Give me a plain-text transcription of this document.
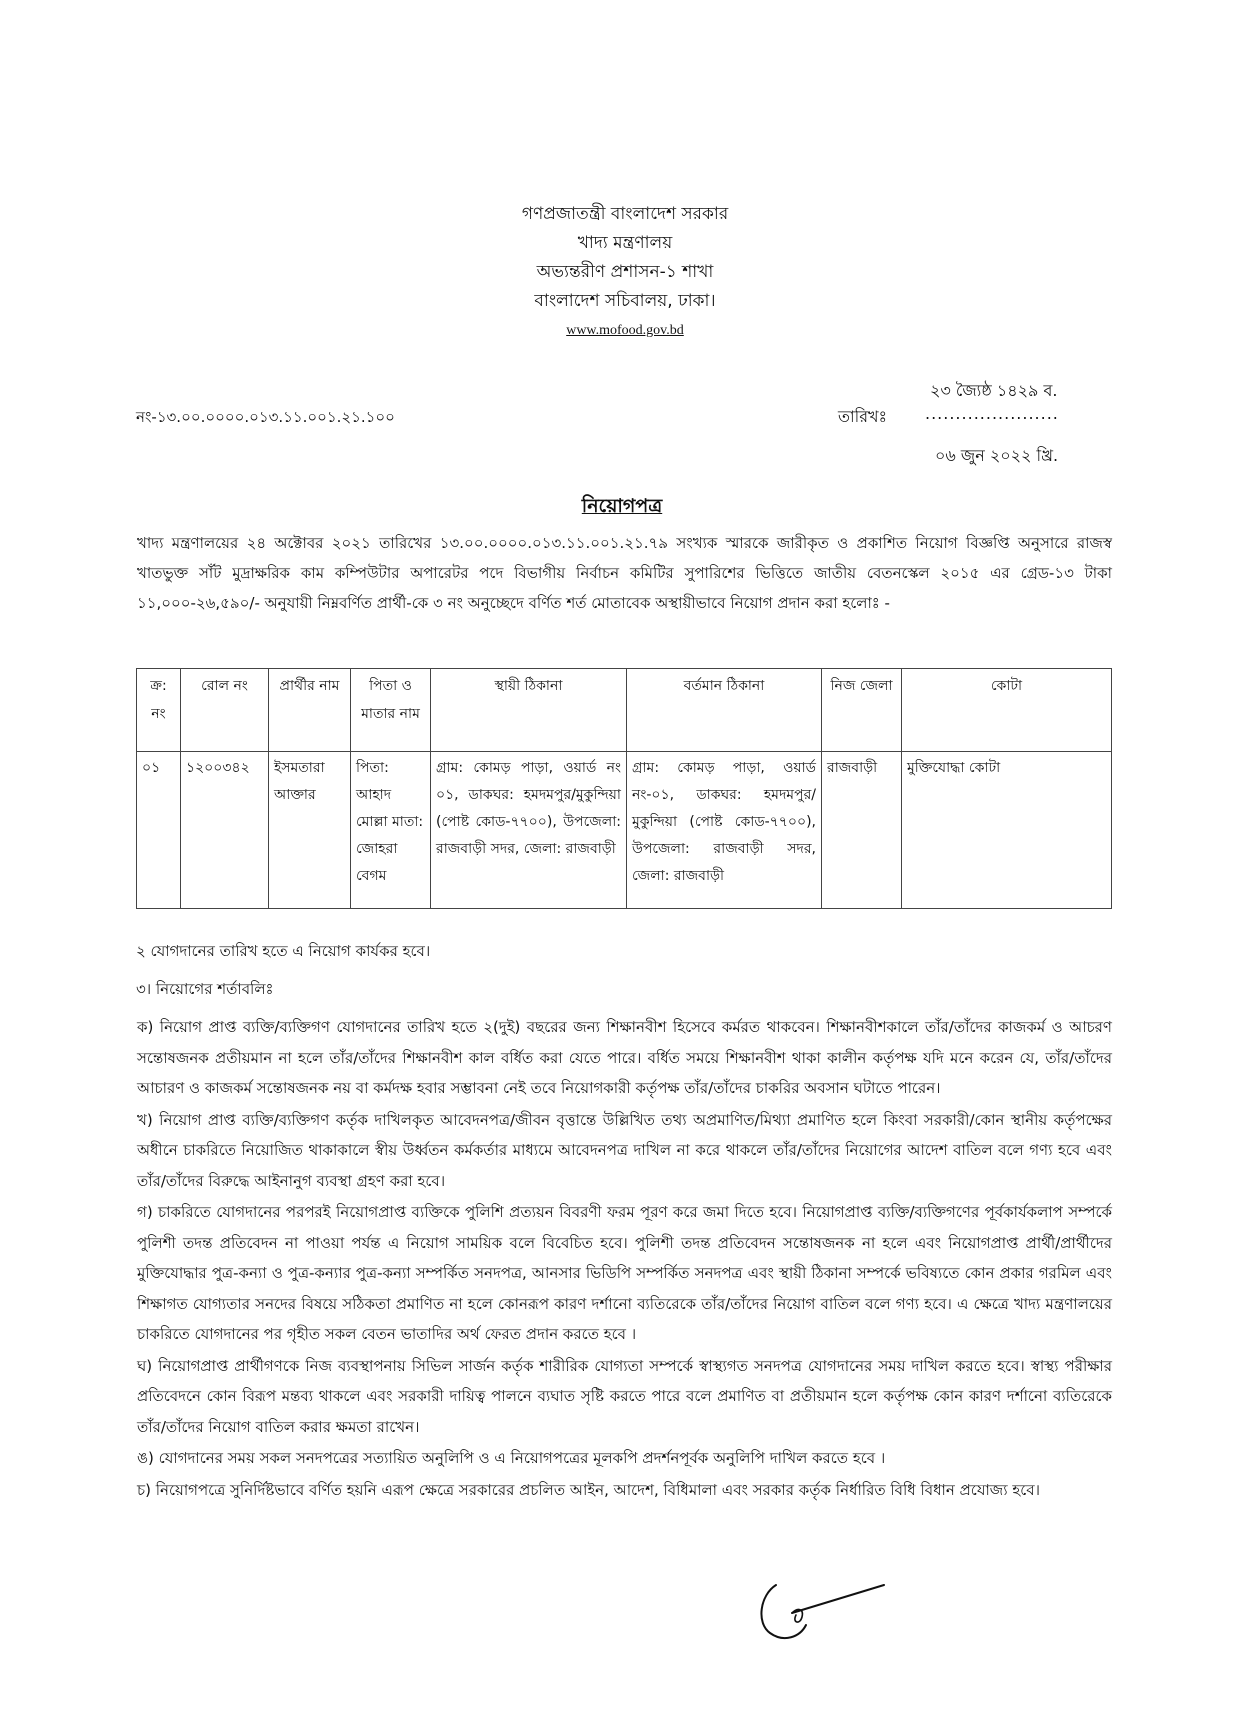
গণপ্রজাতন্ত্রী বাংলাদেশ সরকার
খাদ্য মন্ত্রণালয়
অভ্যন্তরীণ প্রশাসন-১ শাখা
বাংলাদেশ সচিবালয়, ঢাকা।
www.mofood.gov.bd
২৩ জ্যৈষ্ঠ ১৪২৯ ব.
নং-১৩.০০.০০০০.০১৩.১১.০০১.২১.১০০	তারিখঃ ......................
০৬ জুন ২০২২ খ্রি.
নিয়োগপত্র
খাদ্য মন্ত্রণালয়ের ২৪ অক্টোবর ২০২১ তারিখের ১৩.০০.০০০০.০১৩.১১.০০১.২১.৭৯ সংখ্যক স্মারকে জারীকৃত ও প্রকাশিত নিয়োগ বিজ্ঞপ্তি অনুসারে রাজস্ব খাতভুক্ত সাঁট মুদ্রাক্ষরিক কাম কম্পিউটার অপারেটর পদে বিভাগীয় নির্বাচন কমিটির সুপারিশের ভিত্তিতে জাতীয় বেতনস্কেল ২০১৫ এর গ্রেড-১৩ টাকা ১১,০০০-২৬,৫৯০/- অনুযায়ী নিম্নবর্ণিত প্রার্থী-কে ৩ নং অনুচ্ছেদে বর্ণিত শর্ত মোতাবেক অস্থায়ীভাবে নিয়োগ প্রদান করা হলোঃ -
ক্র: নং	রোল নং	প্রার্থীর নাম	পিতা ও মাতার নাম	স্থায়ী ঠিকানা	বর্তমান ঠিকানা	নিজ জেলা	কোটা
০১	১২০০৩৪২	ইসমতারা আক্তার	পিতা: আহাদ মোল্লা মাতা: জোহরা বেগম	গ্রাম: কোমড় পাড়া, ওয়ার্ড নং ০১, ডাকঘর: হমদমপুর/মুকুন্দিয়া (পোষ্ট কোড-৭৭০০), উপজেলা: রাজবাড়ী সদর, জেলা: রাজবাড়ী	গ্রাম: কোমড় পাড়া, ওয়ার্ড নং-০১, ডাকঘর: হমদমপুর/মুকুন্দিয়া (পোষ্ট কোড-৭৭০০), উপজেলা: রাজবাড়ী সদর, জেলা: রাজবাড়ী	রাজবাড়ী	মুক্তিযোদ্ধা কোটা
২ যোগদানের তারিখ হতে এ নিয়োগ কার্যকর হবে।
৩। নিয়োগের শর্তাবলিঃ

ক) নিয়োগ প্রাপ্ত ব্যক্তি/ব্যক্তিগণ যোগদানের তারিখ হতে ২(দুই) বছরের জন্য শিক্ষানবীশ হিসেবে কর্মরত থাকবেন। শিক্ষানবীশকালে তাঁর/তাঁদের কাজকর্ম ও আচরণ সন্তোষজনক প্রতীয়মান না হলে তাঁর/তাঁদের শিক্ষানবীশ কাল বর্ধিত করা যেতে পারে। বর্ধিত সময়ে শিক্ষানবীশ থাকা কালীন কর্তৃপক্ষ যদি মনে করেন যে, তাঁর/তাঁদের আচারণ ও কাজকর্ম সন্তোষজনক নয় বা কর্মদক্ষ হবার সম্ভাবনা নেই তবে নিয়োগকারী কর্তৃপক্ষ তাঁর/তাঁদের চাকরির অবসান ঘটাতে পারেন।

খ) নিয়োগ প্রাপ্ত ব্যক্তি/ব্যক্তিগণ কর্তৃক দাখিলকৃত আবেদনপত্র/জীবন বৃত্তান্তে উল্লিখিত তথ্য অপ্রমাণিত/মিথ্যা প্রমাণিত হলে কিংবা সরকারী/কোন স্থানীয় কর্তৃপক্ষের অধীনে চাকরিতে নিয়োজিত থাকাকালে স্বীয় উর্ধ্বতন কর্মকর্তার মাধ্যমে আবেদনপত্র দাখিল না করে থাকলে তাঁর/তাঁদের নিয়োগের আদেশ বাতিল বলে গণ্য হবে এবং তাঁর/তাঁদের বিরুদ্ধে আইনানুগ ব্যবস্থা গ্রহণ করা হবে।

গ) চাকরিতে যোগদানের পরপরই নিয়োগপ্রাপ্ত ব্যক্তিকে পুলিশি প্রত্যয়ন বিবরণী ফরম পূরণ করে জমা দিতে হবে। নিয়োগপ্রাপ্ত ব্যক্তি/ব্যক্তিগণের পূর্বকার্যকলাপ সম্পর্কে পুলিশী তদন্ত প্রতিবেদন না পাওয়া পর্যন্ত এ নিয়োগ সাময়িক বলে বিবেচিত হবে। পুলিশী তদন্ত প্রতিবেদন সন্তোষজনক না হলে এবং নিয়োগপ্রাপ্ত প্রার্থী/প্রার্থীদের মুক্তিযোদ্ধার পুত্র-কন্যা ও পুত্র-কন্যার পুত্র-কন্যা সম্পর্কিত সনদপত্র, আনসার ভিডিপি সম্পর্কিত সনদপত্র এবং স্থায়ী ঠিকানা সম্পর্কে ভবিষ্যতে কোন প্রকার গরমিল এবং শিক্ষাগত যোগ্যতার সনদের বিষয়ে সঠিকতা প্রমাণিত না হলে কোনরূপ কারণ দর্শানো ব্যতিরেকে তাঁর/তাঁদের নিয়োগ বাতিল বলে গণ্য হবে। এ ক্ষেত্রে খাদ্য মন্ত্রণালয়ের চাকরিতে যোগদানের পর গৃহীত সকল বেতন ভাতাদির অর্থ ফেরত প্রদান করতে হবে ।

ঘ) নিয়োগপ্রাপ্ত প্রার্থীগণকে নিজ ব্যবস্থাপনায় সিভিল সার্জন কর্তৃক শারীরিক যোগ্যতা সম্পর্কে স্বাস্থ্যগত সনদপত্র যোগদানের সময় দাখিল করতে হবে। স্বাস্থ্য পরীক্ষার প্রতিবেদনে কোন বিরূপ মন্তব্য থাকলে এবং সরকারী দায়িত্ব পালনে ব্যঘাত সৃষ্টি করতে পারে বলে প্রমাণিত বা প্রতীয়মান হলে কর্তৃপক্ষ কোন কারণ দর্শানো ব্যতিরেকে তাঁর/তাঁদের নিয়োগ বাতিল করার ক্ষমতা রাখেন।

ঙ) যোগদানের সময় সকল সনদপত্রের সত্যায়িত অনুলিপি ও এ নিয়োগপত্রের মূলকপি প্রদর্শনপূর্বক অনুলিপি দাখিল করতে হবে ।

চ) নিয়োগপত্রে সুনির্দিষ্টভাবে বর্ণিত হয়নি এরূপ ক্ষেত্রে সরকারের প্রচলিত আইন, আদেশ, বিধিমালা এবং সরকার কর্তৃক নির্ধারিত বিধি বিধান প্রযোজ্য হবে।
